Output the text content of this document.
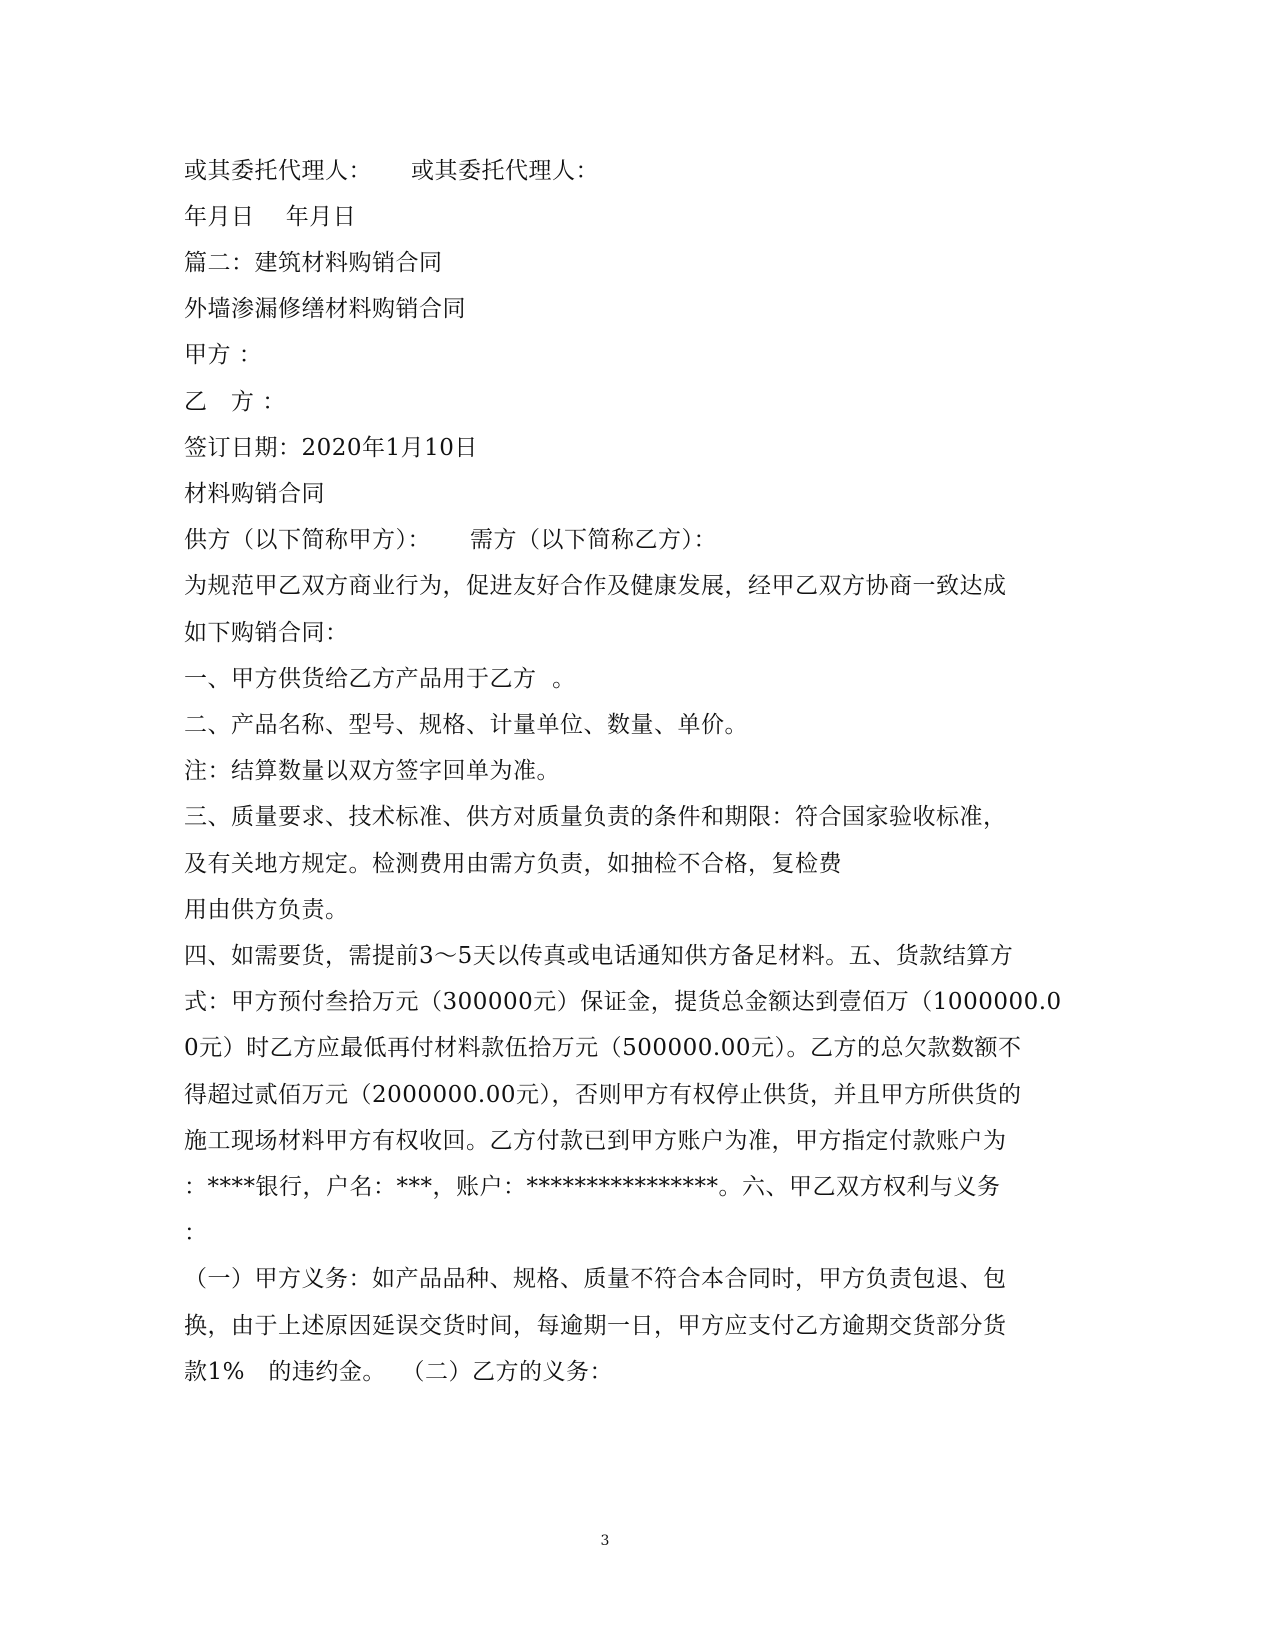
或其委托代理人：     或其委托代理人：
年月日    年月日
篇二：建筑材料购销合同
外墙渗漏修缮材料购销合同
甲方 ：
乙   方 ：
签订日期：2020年1月10日
材料购销合同
供方（以下简称甲方）：     需方（以下简称乙方）：
为规范甲乙双方商业行为，促进友好合作及健康发展，经甲乙双方协商一致达成
如下购销合同：
一、甲方供货给乙方产品用于乙方  。
二、产品名称、型号、规格、计量单位、数量、单价。
注：结算数量以双方签字回单为准。
三、质量要求、技术标准、供方对质量负责的条件和期限：符合国家验收标准，
及有关地方规定。检测费用由需方负责，如抽检不合格，复检费
用由供方负责。
四、如需要货，需提前3～5天以传真或电话通知供方备足材料。五、货款结算方
式：甲方预付叁拾万元（300000元）保证金，提货总金额达到壹佰万（1000000.0
0元）时乙方应最低再付材料款伍拾万元（500000.00元）。乙方的总欠款数额不
得超过贰佰万元（2000000.00元），否则甲方有权停止供货，并且甲方所供货的
施工现场材料甲方有权收回。乙方付款已到甲方账户为准，甲方指定付款账户为
：****银行，户名：***，账户：****************。六、甲乙双方权利与义务
：
（一）甲方义务：如产品品种、规格、质量不符合本合同时，甲方负责包退、包
换，由于上述原因延误交货时间，每逾期一日，甲方应支付乙方逾期交货部分货
款1%   的违约金。  （二）乙方的义务：
3
